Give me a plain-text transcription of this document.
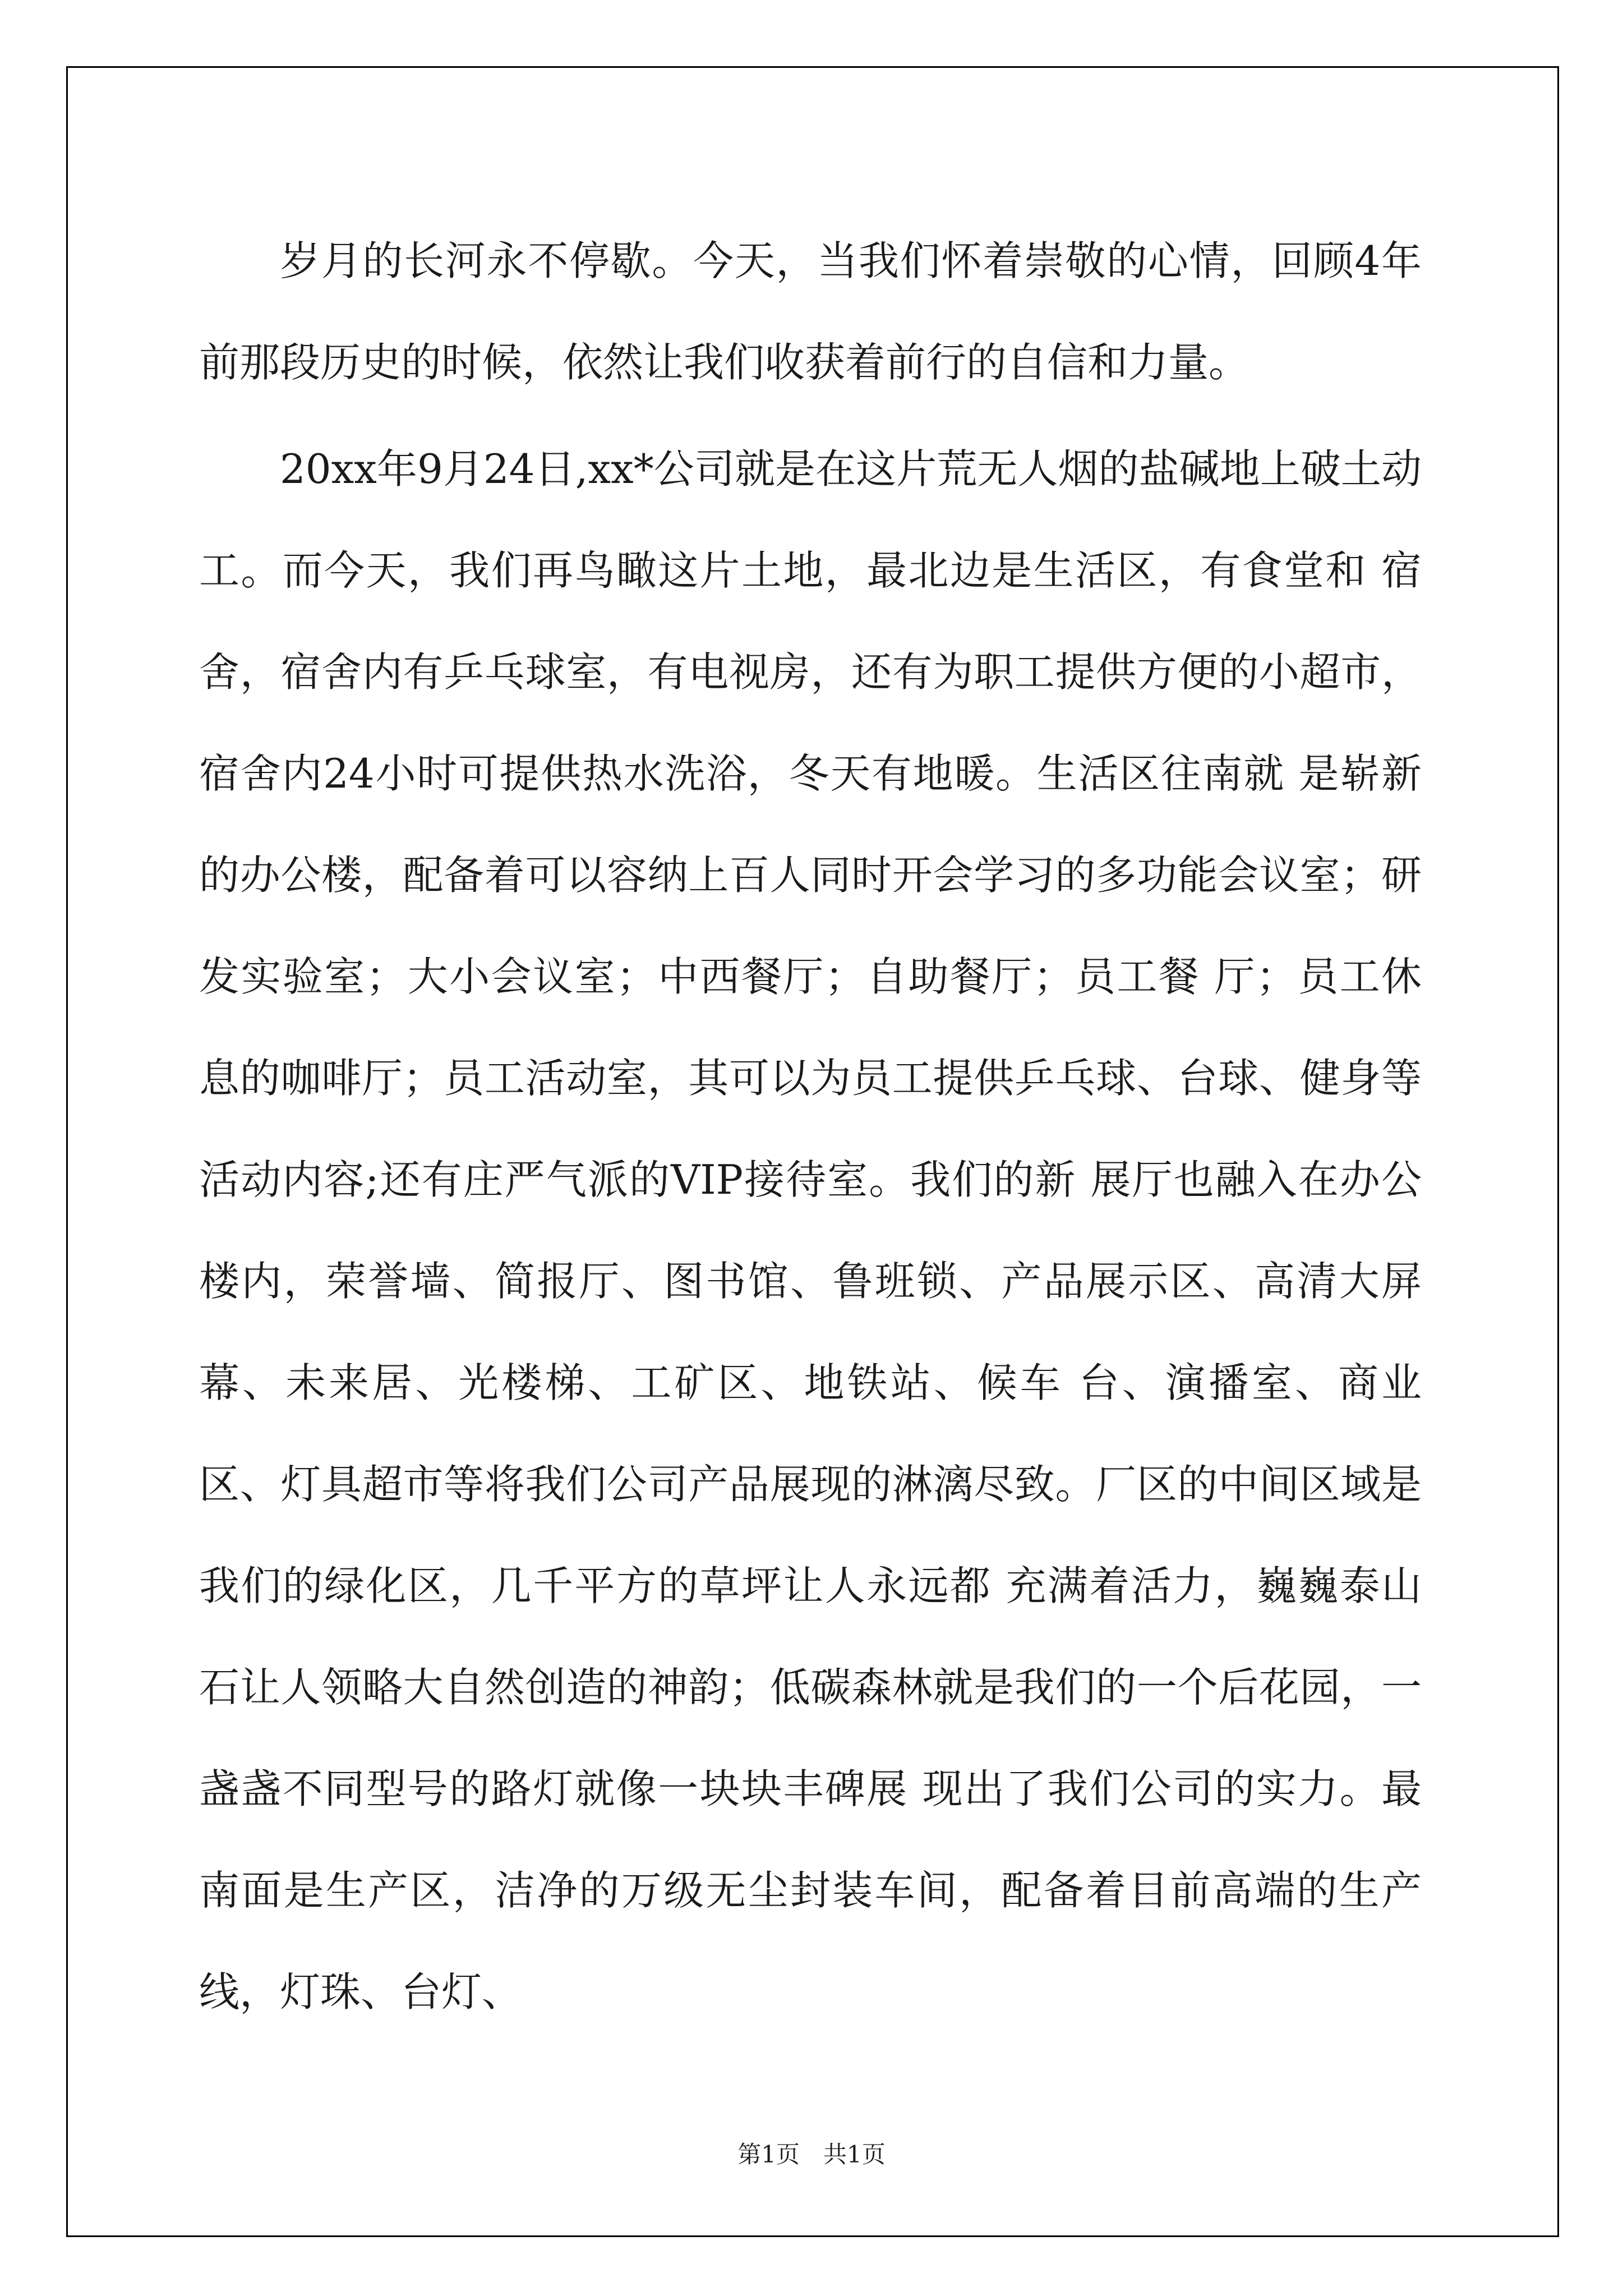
岁月的长河永不停歇。今天，当我们怀着崇敬的心情，回顾4年前那段历史的时候，依然让我们收获着前行的自信和力量。

20xx年9月24日,xx*公司就是在这片荒无人烟的盐碱地上破土动工。而今天，我们再鸟瞰这片土地，最北边是生活区，有食堂和 宿舍，宿舍内有乒乓球室，有电视房，还有为职工提供方便的小超市，宿舍内24小时可提供热水洗浴，冬天有地暖。生活区往南就 是崭新的办公楼，配备着可以容纳上百人同时开会学习的多功能会议室；研发实验室；大小会议室；中西餐厅；自助餐厅；员工餐 厅；员工休息的咖啡厅；员工活动室，其可以为员工提供乒乓球、台球、健身等活动内容;还有庄严气派的VIP接待室。我们的新 展厅也融入在办公楼内，荣誉墙、简报厅、图书馆、鲁班锁、产品展示区、高清大屏幕、未来居、光楼梯、工矿区、地铁站、候车 台、演播室、商业区、灯具超市等将我们公司产品展现的淋漓尽致。厂区的中间区域是我们的绿化区，几千平方的草坪让人永远都 充满着活力，巍巍泰山石让人领略大自然创造的神韵；低碳森林就是我们的一个后花园，一盏盏不同型号的路灯就像一块块丰碑展 现出了我们公司的实力。最南面是生产区，洁净的万级无尘封装车间，配备着目前高端的生产线，灯珠、台灯、

第1页　共1页
